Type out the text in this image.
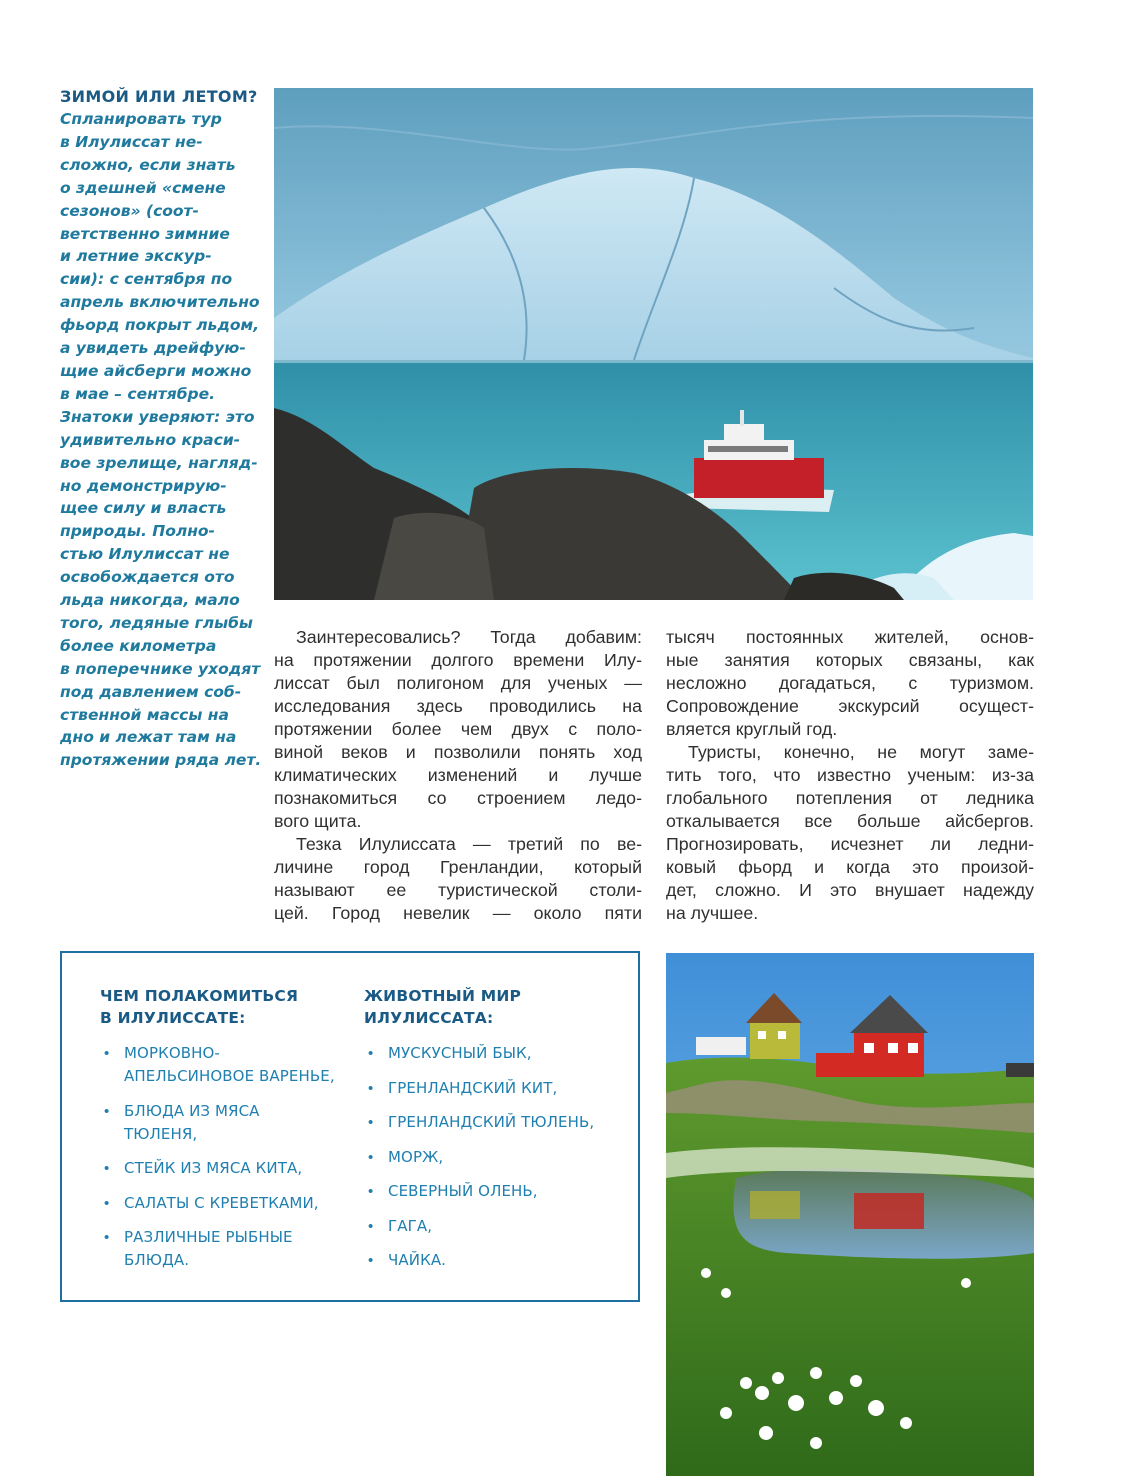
ЗИМОЙ ИЛИ ЛЕТОМ?
Спланировать тур
в Илулиссат не-
сложно, если знать
о здешней «смене
сезонов» (соот-
ветственно зимние
и летние экскур-
сии): с сентября по
апрель включительно
фьорд покрыт льдом,
а увидеть дрейфую-
щие айсберги можно
в мае – сентябре.
Знатоки уверяют: это
удивительно краси-
вое зрелище, нагляд-
но демонстрирую-
щее силу и власть
природы. Полно-
стью Илулиссат не
освобождается ото
льда никогда, мало
того, ледяные глыбы
более километра
в поперечнике уходят
под давлением соб-
ственной массы на
дно и лежат там на
протяжении ряда лет.
Заинтересовались? Тогда добавим:
на протяжении долгого времени Илу-
лиссат был полигоном для ученых —
исследования здесь проводились на
протяжении более чем двух с поло-
виной веков и позволили понять ход
климатических изменений и лучше
познакомиться со строением ледо-
вого щита.
Тезка Илулиссата — третий по ве-
личине город Гренландии, который
называют ее туристической столи-
цей. Город невелик — около пяти
тысяч постоянных жителей, основ-
ные занятия которых связаны, как
несложно догадаться, с туризмом.
Сопровождение экскурсий осущест-
вляется круглый год.
Туристы, конечно, не могут заме-
тить того, что известно ученым: из-за
глобального потепления от ледника
откалывается все больше айсбергов.
Прогнозировать, исчезнет ли ледни-
ковый фьорд и когда это произой-
дет, сложно. И это внушает надежду
на лучшее.
ЧЕМ ПОЛАКОМИТЬСЯ
В ИЛУЛИССАТЕ:
• МОРКОВНО-
АПЕЛЬСИНОВОЕ ВАРЕНЬЕ,
• БЛЮДА ИЗ МЯСА
ТЮЛЕНЯ,
• СТЕЙК ИЗ МЯСА КИТА,
• САЛАТЫ С КРЕВЕТКАМИ,
• РАЗЛИЧНЫЕ РЫБНЫЕ
БЛЮДА.
ЖИВОТНЫЙ МИР
ИЛУЛИССАТА:
• МУСКУСНЫЙ БЫК,
• ГРЕНЛАНДСКИЙ КИТ,
• ГРЕНЛАНДСКИЙ ТЮЛЕНЬ,
• МОРЖ,
• СЕВЕРНЫЙ ОЛЕНЬ,
• ГАГА,
• ЧАЙКА.
